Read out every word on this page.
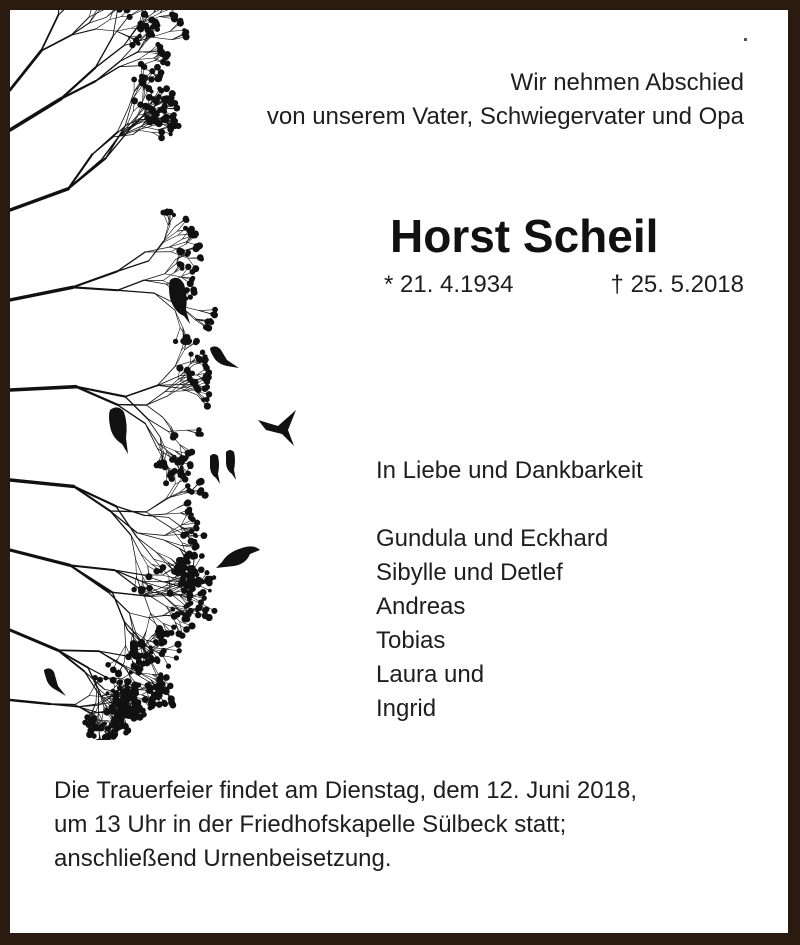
Wir nehmen Abschied
von unserem Vater, Schwiegervater und Opa
Horst Scheil
* 21. 4.1934	† 25. 5.2018
In Liebe und Dankbarkeit
Gundula und Eckhard
Sibylle und Detlef
Andreas
Tobias
Laura und
Ingrid
Die Trauerfeier findet am Dienstag, dem 12. Juni 2018,
um 13 Uhr in der Friedhofskapelle Sülbeck statt;
anschließend Urnenbeisetzung.
